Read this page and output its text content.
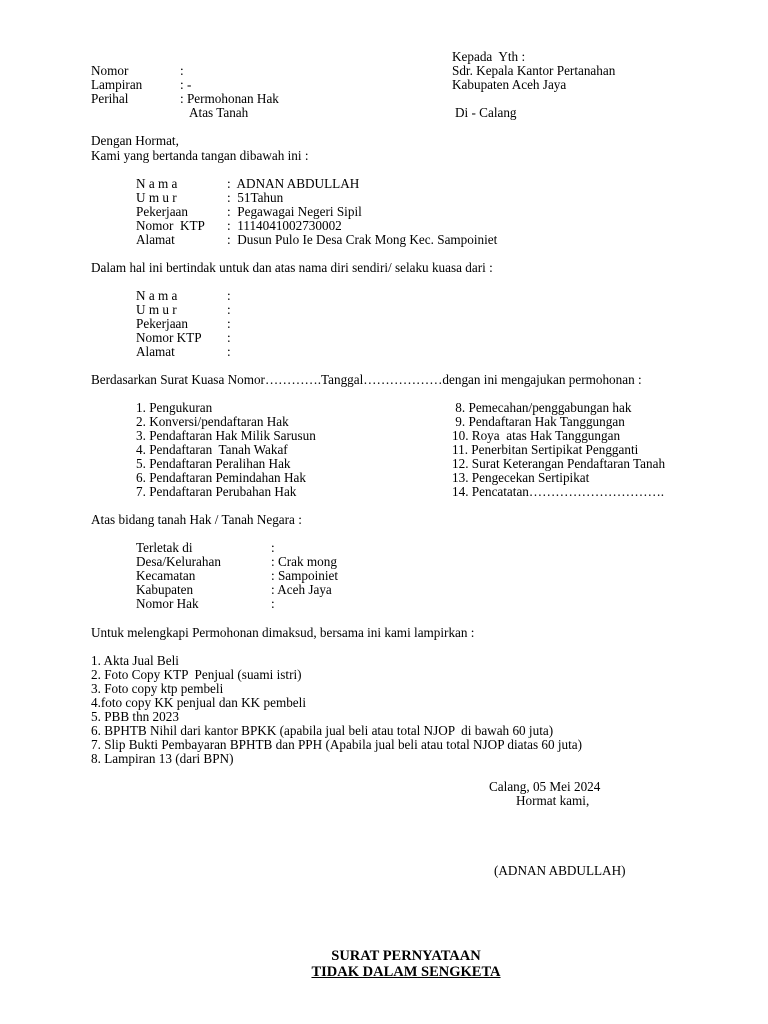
Kepada  Yth :
Sdr. Kepala Kantor Pertanahan
Kabupaten Aceh Jaya
Di - Calang
Nomor	:
Lampiran	: -
Perihal	: Permohonan Hak
Atas Tanah
Dengan Hormat,
Kami yang bertanda tangan dibawah ini :
N a m a	:  ADNAN ABDULLAH
U m u r	:  51Tahun
Pekerjaan	:  Pegawagai Negeri Sipil
Nomor  KTP :  1114041002730002
Alamat	:  Dusun Pulo Ie Desa Crak Mong Kec. Sampoiniet
Dalam hal ini bertindak untuk dan atas nama diri sendiri/ selaku kuasa dari :
N a m a	:
U m u r	:
Pekerjaan	:
Nomor KTP :
Alamat	:
Berdasarkan Surat Kuasa Nomor………….Tanggal………………dengan ini mengajukan permohonan :
1. Pengukuran
2. Konversi/pendaftaran Hak
3. Pendaftaran Hak Milik Sarusun
4. Pendaftaran  Tanah Wakaf
5. Pendaftaran Peralihan Hak
6. Pendaftaran Pemindahan Hak
7. Pendaftaran Perubahan Hak
8. Pemecahan/penggabungan hak
9. Pendaftaran Hak Tanggungan
10. Roya  atas Hak Tanggungan
11. Penerbitan Sertipikat Pengganti
12. Surat Keterangan Pendaftaran Tanah
13. Pengecekan Sertipikat
14. Pencatatan………………………….
Atas bidang tanah Hak / Tanah Negara :
Terletak di	:
Desa/Kelurahan	: Crak mong
Kecamatan	: Sampoiniet
Kabupaten	: Aceh Jaya
Nomor Hak	:
Untuk melengkapi Permohonan dimaksud, bersama ini kami lampirkan :
1. Akta Jual Beli
2. Foto Copy KTP  Penjual (suami istri)
3. Foto copy ktp pembeli
4.foto copy KK penjual dan KK pembeli
5. PBB thn 2023
6. BPHTB Nihil dari kantor BPKK (apabila jual beli atau total NJOP  di bawah 60 juta)
7. Slip Bukti Pembayaran BPHTB dan PPH (Apabila jual beli atau total NJOP diatas 60 juta)
8. Lampiran 13 (dari BPN)
Calang, 05 Mei 2024
Hormat kami,
(ADNAN ABDULLAH)
SURAT PERNYATAAN
TIDAK DALAM SENGKETA
